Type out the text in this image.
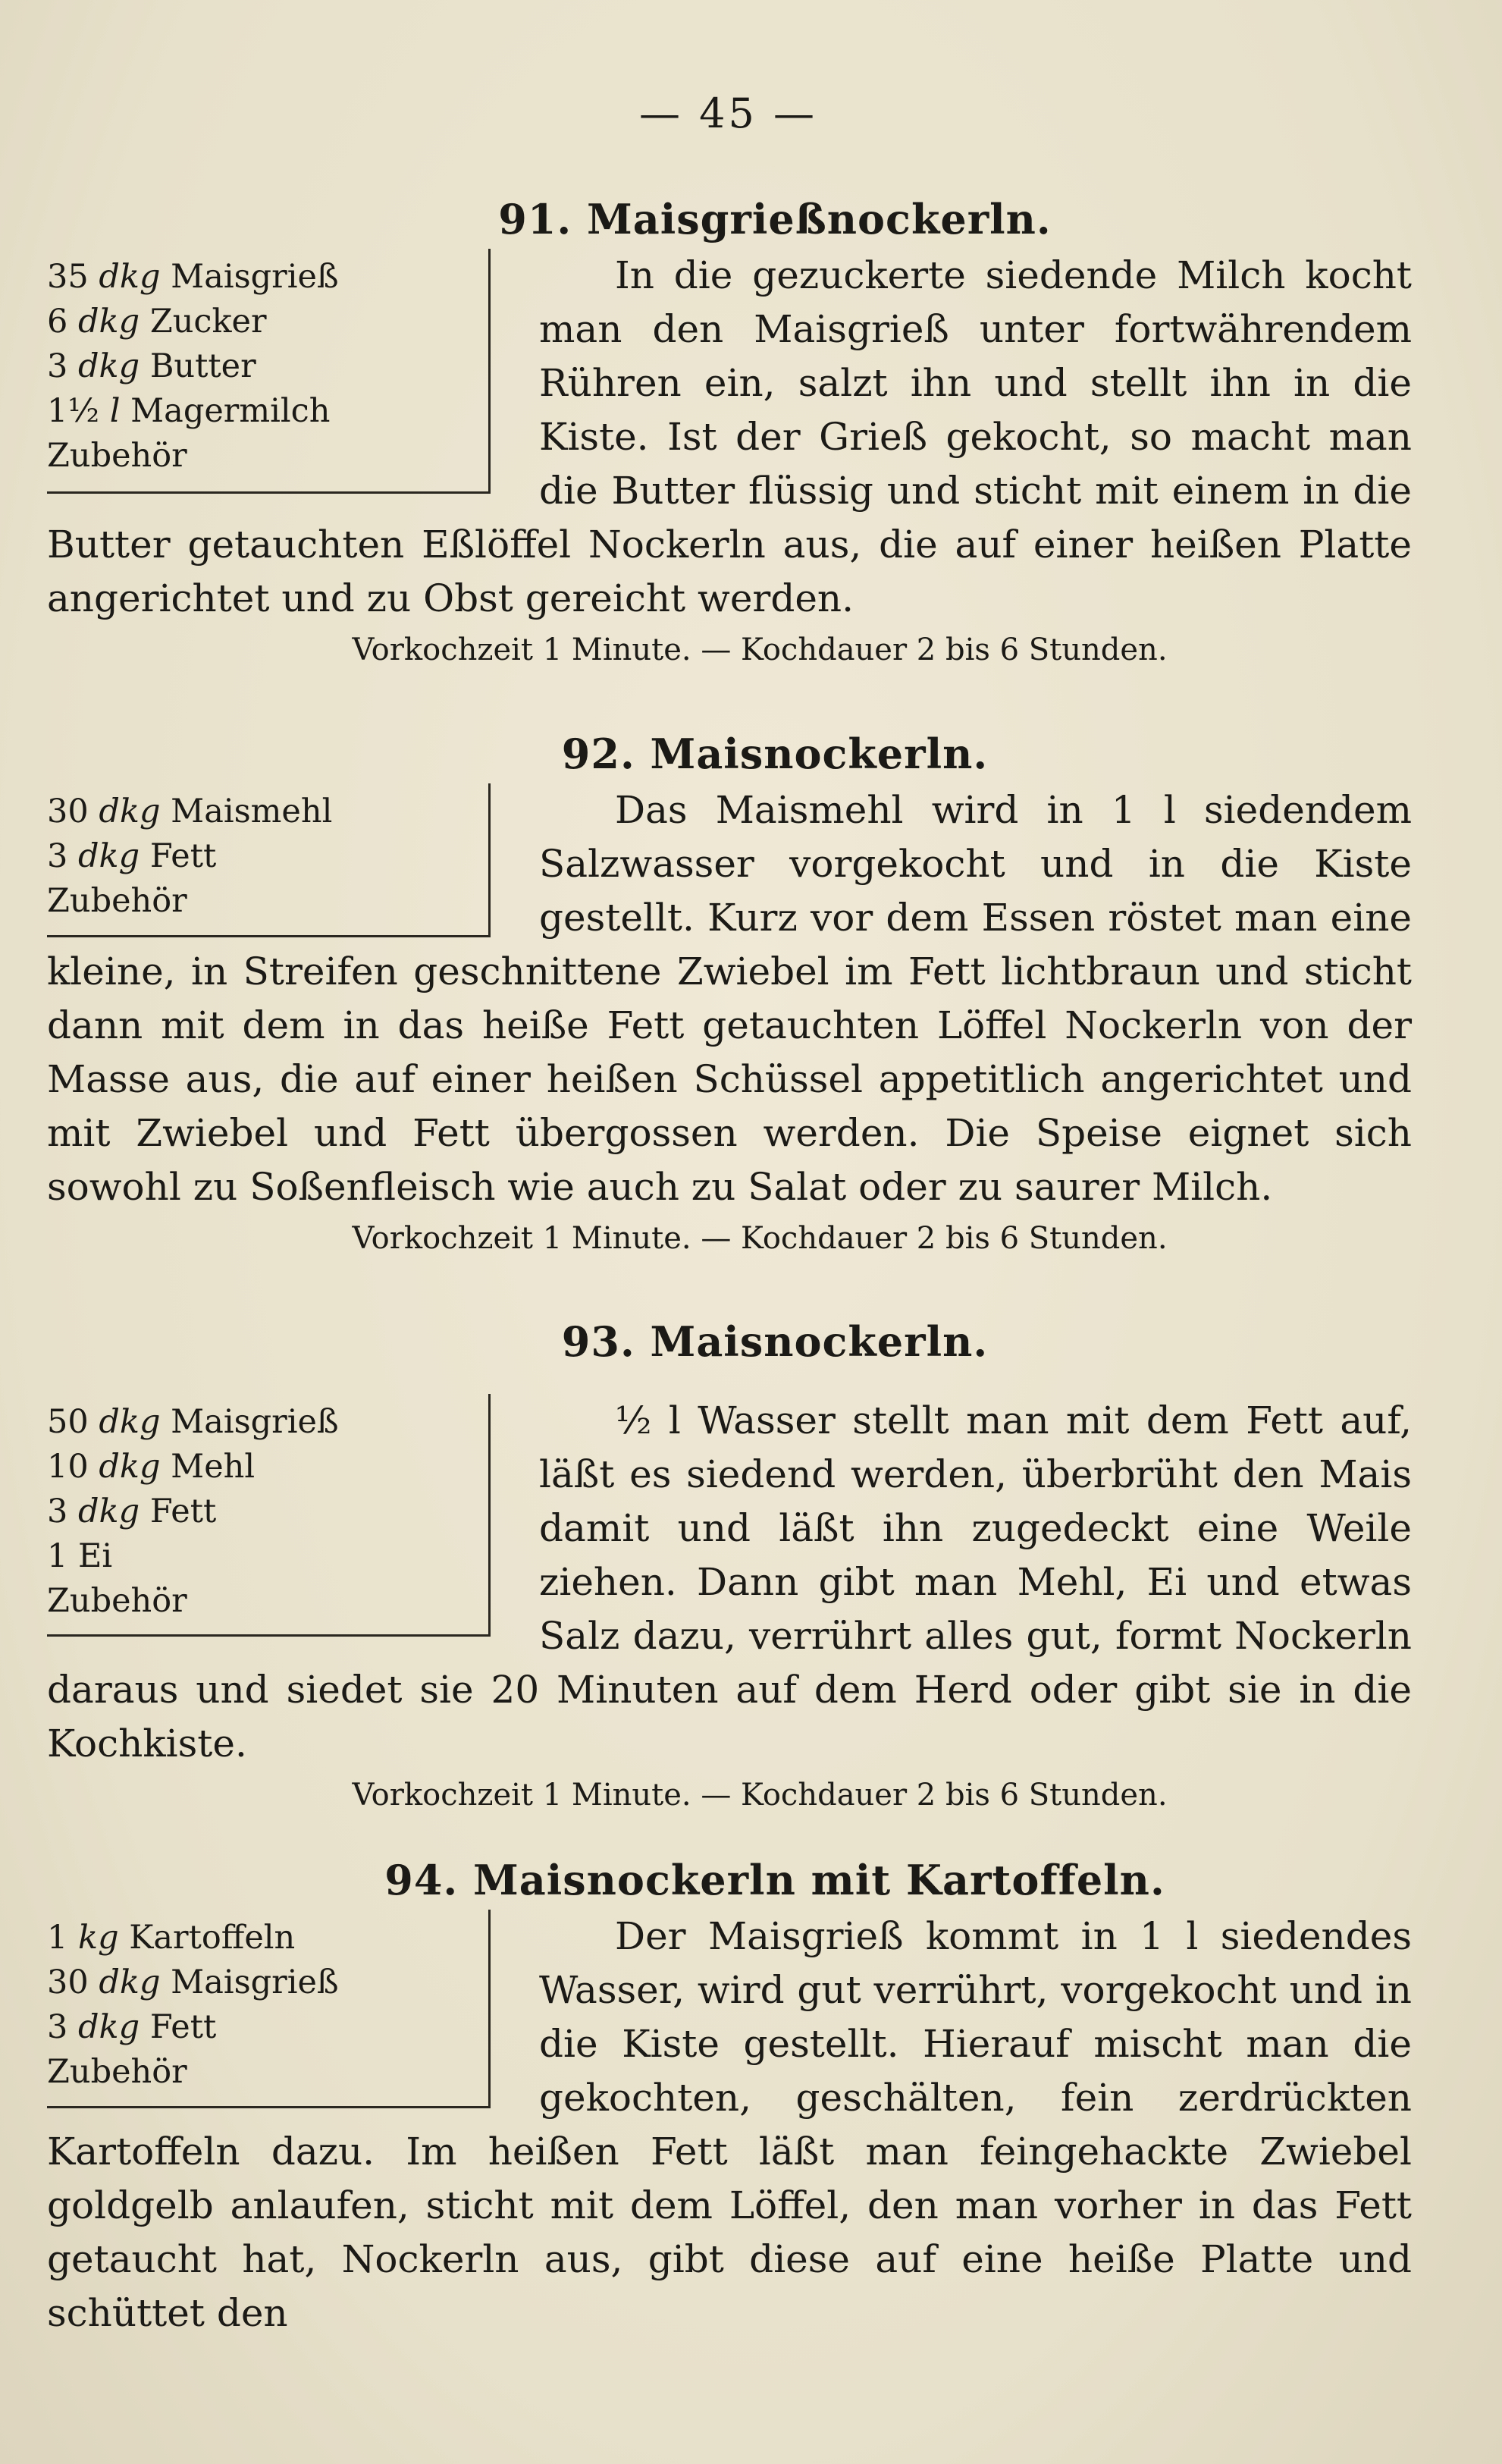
— 45 —
91. Maisgrießnockerln.
35 dkg Maisgrieß
6 dkg Zucker
3 dkg Butter
1½ l Magermilch
Zubehör

In die gezuckerte siedende Milch kocht man den Maisgrieß unter fortwährendem Rühren ein, salzt ihn und stellt ihn in die Kiste. Ist der Grieß gekocht, so macht man die Butter flüssig und sticht mit einem in die Butter getauchten Eßlöffel Nockerln aus, die auf einer heißen Platte angerichtet und zu Obst gereicht werden.

Vorkochzeit 1 Minute. — Kochdauer 2 bis 6 Stunden.
92. Maisnockerln.
30 dkg Maismehl
3 dkg Fett
Zubehör

Das Maismehl wird in 1 l siedendem Salzwasser vorgekocht und in die Kiste gestellt. Kurz vor dem Essen röstet man eine kleine, in Streifen geschnittene Zwiebel im Fett lichtbraun und sticht dann mit dem in das heiße Fett getauchten Löffel Nockerln von der Masse aus, die auf einer heißen Schüssel appetitlich angerichtet und mit Zwiebel und Fett übergossen werden. Die Speise eignet sich sowohl zu Soßenfleisch wie auch zu Salat oder zu saurer Milch.

Vorkochzeit 1 Minute. — Kochdauer 2 bis 6 Stunden.
93. Maisnockerln.
50 dkg Maisgrieß
10 dkg Mehl
3 dkg Fett
1 Ei
Zubehör

½ l Wasser stellt man mit dem Fett auf, läßt es siedend werden, überbrüht den Mais damit und läßt ihn zugedeckt eine Weile ziehen. Dann gibt man Mehl, Ei und etwas Salz dazu, verrührt alles gut, formt Nockerln daraus und siedet sie 20 Minuten auf dem Herd oder gibt sie in die Kochkiste.

Vorkochzeit 1 Minute. — Kochdauer 2 bis 6 Stunden.
94. Maisnockerln mit Kartoffeln.
1 kg Kartoffeln
30 dkg Maisgrieß
3 dkg Fett
Zubehör

Der Maisgrieß kommt in 1 l siedendes Wasser, wird gut verrührt, vorgekocht und in die Kiste gestellt. Hierauf mischt man die gekochten, geschälten, fein zerdrückten Kartoffeln dazu. Im heißen Fett läßt man feingehackte Zwiebel goldgelb anlaufen, sticht mit dem Löffel, den man vorher in das Fett getaucht hat, Nockerln aus, gibt diese auf eine heiße Platte und schüttet den
